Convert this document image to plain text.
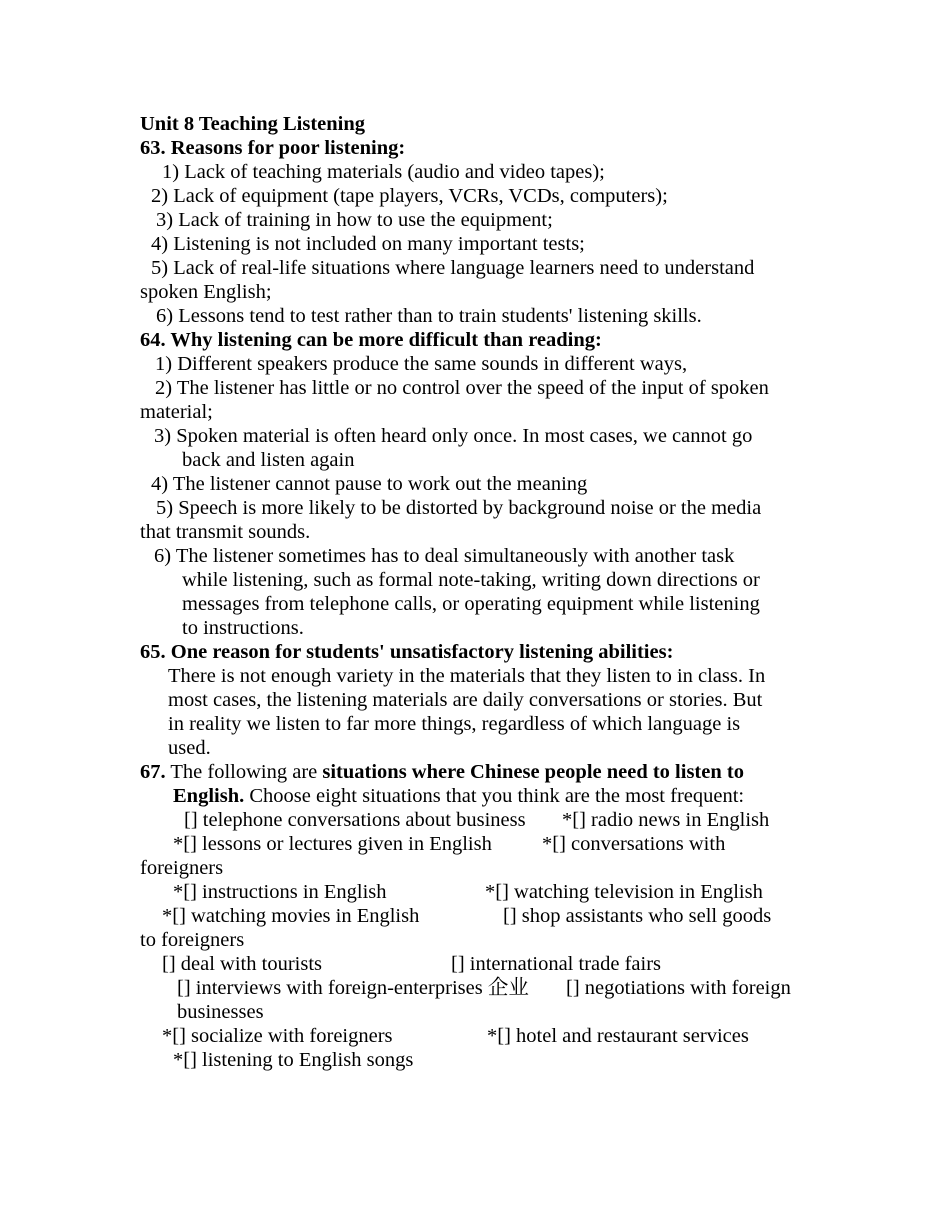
Unit 8 Teaching Listening
63. Reasons for poor listening:
1) Lack of teaching materials (audio and video tapes);
2) Lack of equipment (tape players, VCRs, VCDs, computers);
3) Lack of training in how to use the equipment;
4) Listening is not included on many important tests;
5) Lack of real-life situations where language learners need to understand
spoken English;
6) Lessons tend to test rather than to train students' listening skills.
64. Why listening can be more difficult than reading:
1) Different speakers produce the same sounds in different ways,
2) The listener has little or no control over the speed of the input of spoken
material;
3) Spoken material is often heard only once. In most cases, we cannot go
back and listen again
4) The listener cannot pause to work out the meaning
5) Speech is more likely to be distorted by background noise or the media
that transmit sounds.
6) The listener sometimes has to deal simultaneously with another task
while listening, such as formal note-taking, writing down directions or
messages from telephone calls, or operating equipment while listening
to instructions.
65. One reason for students' unsatisfactory listening abilities:
There is not enough variety in the materials that they listen to in class. In
most cases, the listening materials are daily conversations or stories. But
in reality we listen to far more things, regardless of which language is
used.
67. The following are situations where Chinese people need to listen to
English. Choose eight situations that you think are the most frequent:
[] telephone conversations about business *[] radio news in English
*[] lessons or lectures given in English *[] conversations with
foreigners
*[] instructions in English	*[] watching television in English
*[] watching movies in English	[] shop assistants who sell goods
to foreigners
[] deal with tourists	[] international trade fairs
[] interviews with foreign-enterprises 企业 [] negotiations with foreign
businesses
*[] socialize with foreigners	*[] hotel and restaurant services
*[] listening to English songs
